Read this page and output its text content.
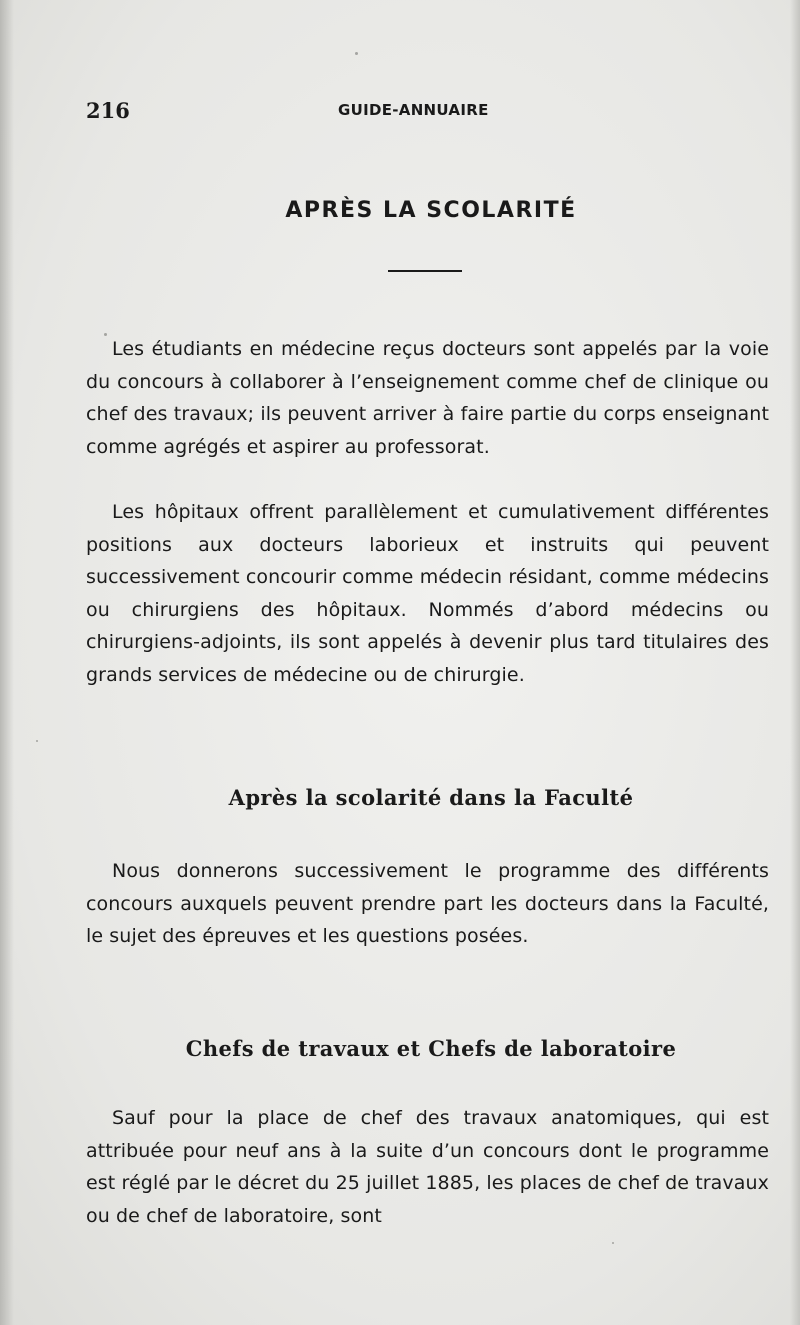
216	GUIDE-ANNUAIRE
APRÈS LA SCOLARITÉ

Les étudiants en médecine reçus docteurs sont appelés par la voie du concours à collaborer à l’enseignement comme chef de clinique ou chef des travaux; ils peuvent arriver à faire partie du corps enseignant comme agrégés et aspirer au professorat.

Les hôpitaux offrent parallèlement et cumulativement différentes positions aux docteurs laborieux et instruits qui peuvent successivement concourir comme médecin résidant, comme médecins ou chirurgiens des hôpitaux. Nommés d’abord médecins ou chirurgiens-adjoints, ils sont appelés à devenir plus tard titulaires des grands services de médecine ou de chirurgie.

Après la scolarité dans la Faculté

Nous donnerons successivement le programme des différents concours auxquels peuvent prendre part les docteurs dans la Faculté, le sujet des épreuves et les questions posées.

Chefs de travaux et Chefs de laboratoire

Sauf pour la place de chef des travaux anatomiques, qui est attribuée pour neuf ans à la suite d’un concours dont le programme est réglé par le décret du 25 juillet 1885, les places de chef de travaux ou de chef de laboratoire, sont
